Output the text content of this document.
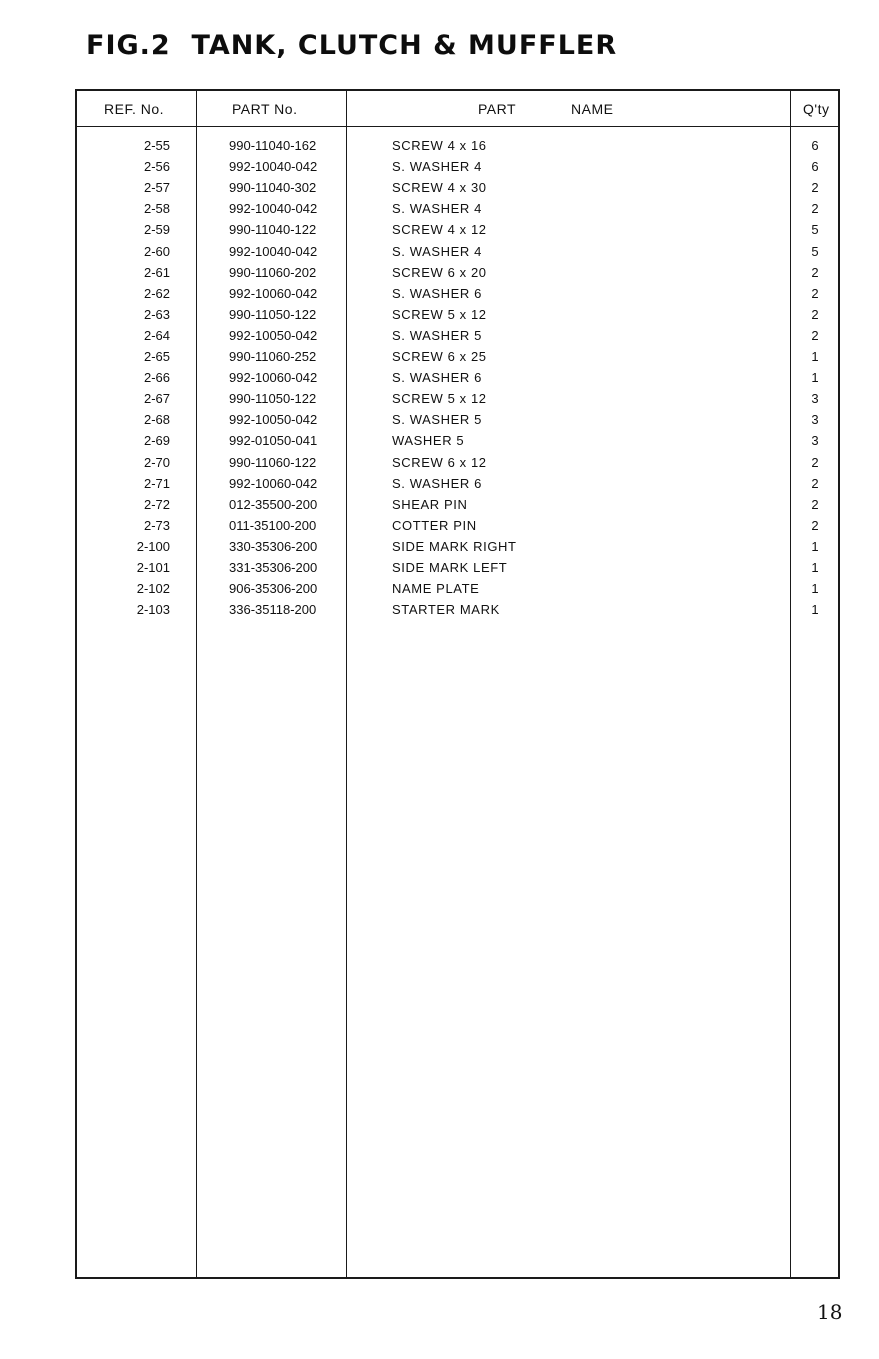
FIG.2  TANK, CLUTCH & MUFFLER
REF. No.	PART No.	PART	NAME	Q'ty
2-55	990-11040-162	SCREW 4 x 16	6
2-56	992-10040-042	S. WASHER 4	6
2-57	990-11040-302	SCREW 4 x 30	2
2-58	992-10040-042	S. WASHER 4	2
2-59	990-11040-122	SCREW 4 x 12	5
2-60	992-10040-042	S. WASHER 4	5
2-61	990-11060-202	SCREW 6 x 20	2
2-62	992-10060-042	S. WASHER 6	2
2-63	990-11050-122	SCREW 5 x 12	2
2-64	992-10050-042	S. WASHER 5	2
2-65	990-11060-252	SCREW 6 x 25	1
2-66	992-10060-042	S. WASHER 6	1
2-67	990-11050-122	SCREW 5 x 12	3
2-68	992-10050-042	S. WASHER 5	3
2-69	992-01050-041	WASHER 5	3
2-70	990-11060-122	SCREW 6 x 12	2
2-71	992-10060-042	S. WASHER 6	2
2-72	012-35500-200	SHEAR PIN	2
2-73	011-35100-200	COTTER PIN	2
2-100	330-35306-200	SIDE MARK RIGHT	1
2-101	331-35306-200	SIDE MARK LEFT	1
2-102	906-35306-200	NAME PLATE	1
2-103	336-35118-200	STARTER MARK	1
18
